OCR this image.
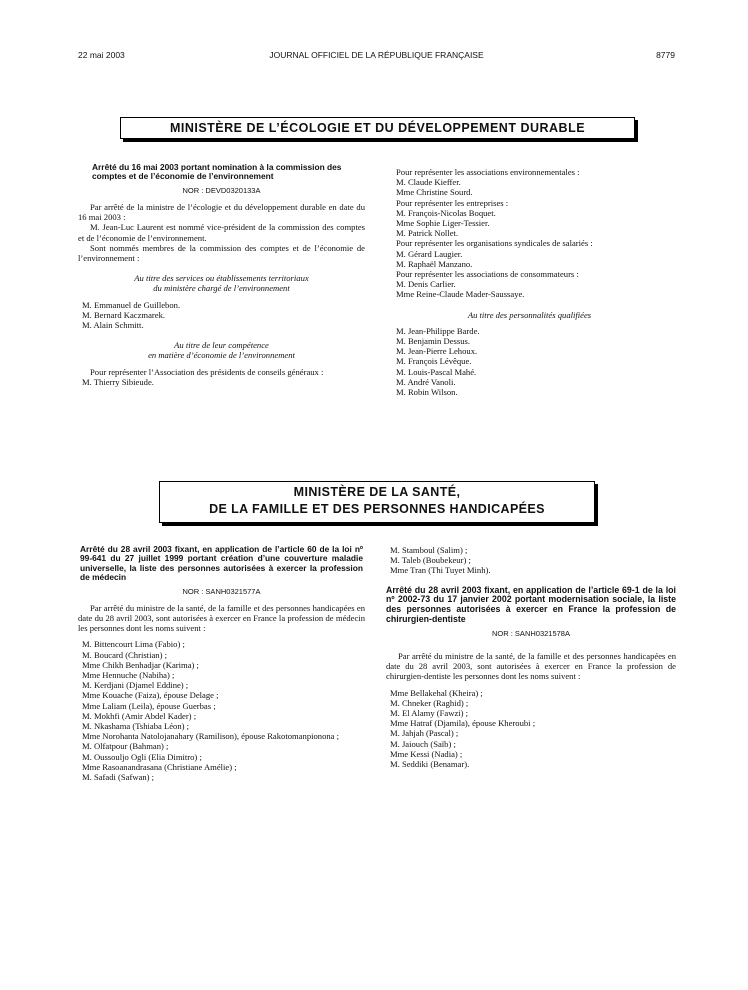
22 mai 2003	JOURNAL OFFICIEL DE LA RÉPUBLIQUE FRANÇAISE	8779
MINISTÈRE DE L’ÉCOLOGIE ET DU DÉVELOPPEMENT DURABLE

Arrêté du 16 mai 2003 portant nomination à la commission des comptes et de l’économie de l’environnement

NOR : DEVD0320133A

Par arrêté de la ministre de l’écologie et du développement durable en date du 16 mai 2003 :

M. Jean-Luc Laurent est nommé vice-président de la commission des comptes et de l’économie de l’environnement.

Sont nommés membres de la commission des comptes et de l’économie de l’environnement :

Au titre des services ou établissements territoriaux

du ministère chargé de l’environnement

M. Emmanuel de Guillebon.

M. Bernard Kaczmarek.

M. Alain Schmitt.

Au titre de leur compétence

en matière d’économie de l’environnement

Pour représenter l’Association des présidents de conseils généraux :

M. Thierry Sibieude.

Pour représenter les associations environnementales :

M. Claude Kieffer.

Mme Christine Sourd.

Pour représenter les entreprises :

M. François-Nicolas Boquet.

Mme Sophie Liger-Tessier.

M. Patrick Nollet.

Pour représenter les organisations syndicales de salariés :

M. Gérard Laugier.

M. Raphaël Manzano.

Pour représenter les associations de consommateurs :

M. Denis Carlier.

Mme Reine-Claude Mader-Saussaye.

Au titre des personnalités qualifiées

M. Jean-Philippe Barde.

M. Benjamin Dessus.

M. Jean-Pierre Lehoux.

M. François Lévêque.

M. Louis-Pascal Mahé.

M. André Vanoli.

M. Robin Wilson.

MINISTÈRE DE LA SANTÉ,
DE LA FAMILLE ET DES PERSONNES HANDICAPÉES

Arrêté du 28 avril 2003 fixant, en application de l’article 60 de la loi nº 99-641 du 27 juillet 1999 portant création d’une couverture maladie universelle, la liste des personnes autorisées à exercer la profession de médecin

NOR : SANH0321577A

Par arrêté du ministre de la santé, de la famille et des personnes handicapées en date du 28 avril 2003, sont autorisées à exercer en France la profession de médecin les personnes dont les noms suivent :

M. Bittencourt Lima (Fabio) ;

M. Boucard (Christian) ;

Mme Chikh Benhadjar (Karima) ;

Mme Hennuche (Nabiha) ;

M. Kerdjani (Djamel Eddine) ;

Mme Kouache (Faiza), épouse Delage ;

Mme Laliam (Leila), épouse Guerbas ;

M. Mokhfi (Amir Abdel Kader) ;

M. Nkashama (Tshiaba Léon) ;

Mme Norohanta Natolojanahary (Ramilison), épouse Rakotomanpionona ;

M. Olfatpour (Bahman) ;

M. Oussouljo Ogli (Elia Dimitro) ;

Mme Rasoanandrasana (Christiane Amélie) ;

M. Safadi (Safwan) ;

M. Stamboul (Salim) ;

M. Taleb (Boubekeur) ;

Mme Tran (Thi Tuyet Minh).

Arrêté du 28 avril 2003 fixant, en application de l’article 69-1 de la loi nº 2002-73 du 17 janvier 2002 portant modernisation sociale, la liste des personnes autorisées à exercer en France la profession de chirurgien-dentiste

NOR : SANH0321578A

Par arrêté du ministre de la santé, de la famille et des personnes handicapées en date du 28 avril 2003, sont autorisées à exercer en France la profession de chirurgien-dentiste les personnes dont les noms suivent :

Mme Bellakehal (Kheira) ;

M. Chneker (Raghid) ;

M. El Alamy (Fawzi) ;

Mme Hatraf (Djamila), épouse Kheroubi ;

M. Jahjah (Pascal) ;

M. Jaiouch (Saïb) ;

Mme Kessi (Nadia) ;

M. Seddiki (Benamar).
